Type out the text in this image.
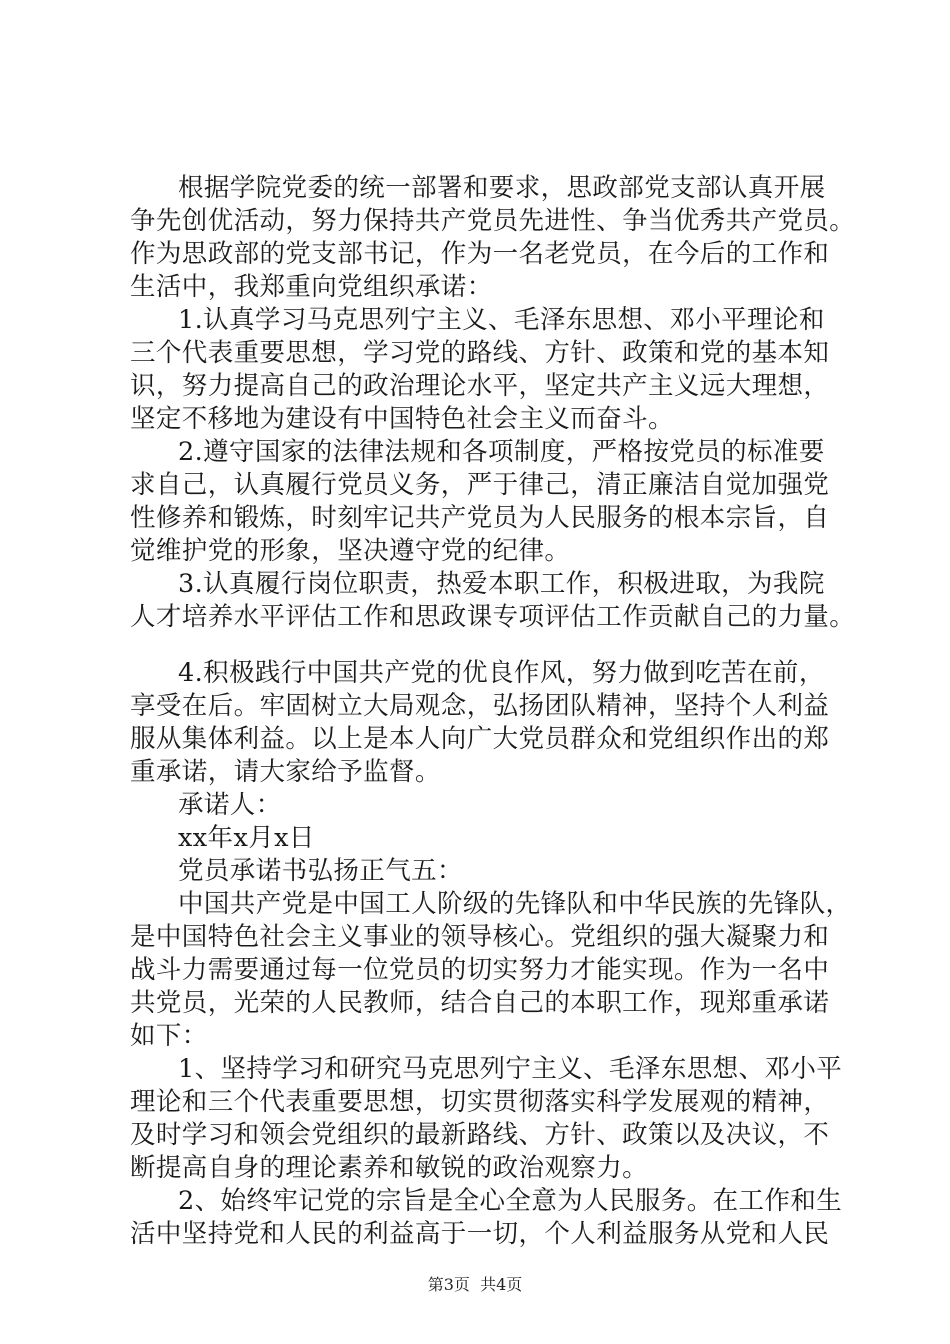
根据学院党委的统一部署和要求，思政部党支部认真开展
争先创优活动，努力保持共产党员先进性、争当优秀共产党员。
作为思政部的党支部书记，作为一名老党员，在今后的工作和
生活中，我郑重向党组织承诺：
1.认真学习马克思列宁主义、毛泽东思想、邓小平理论和
三个代表重要思想，学习党的路线、方针、政策和党的基本知
识，努力提高自己的政治理论水平，坚定共产主义远大理想，
坚定不移地为建设有中国特色社会主义而奋斗。
2.遵守国家的法律法规和各项制度，严格按党员的标准要
求自己，认真履行党员义务，严于律己，清正廉洁自觉加强党
性修养和锻炼，时刻牢记共产党员为人民服务的根本宗旨，自
觉维护党的形象，坚决遵守党的纪律。
3.认真履行岗位职责，热爱本职工作，积极进取，为我院
人才培养水平评估工作和思政课专项评估工作贡献自己的力量。
4.积极践行中国共产党的优良作风，努力做到吃苦在前，
享受在后。牢固树立大局观念，弘扬团队精神，坚持个人利益
服从集体利益。以上是本人向广大党员群众和党组织作出的郑
重承诺，请大家给予监督。
承诺人：
xx年x月x日
党员承诺书弘扬正气五：
中国共产党是中国工人阶级的先锋队和中华民族的先锋队，
是中国特色社会主义事业的领导核心。党组织的强大凝聚力和
战斗力需要通过每一位党员的切实努力才能实现。作为一名中
共党员，光荣的人民教师，结合自己的本职工作，现郑重承诺
如下：
1、坚持学习和研究马克思列宁主义、毛泽东思想、邓小平
理论和三个代表重要思想，切实贯彻落实科学发展观的精神，
及时学习和领会党组织的最新路线、方针、政策以及决议，不
断提高自身的理论素养和敏锐的政治观察力。
2、始终牢记党的宗旨是全心全意为人民服务。在工作和生
活中坚持党和人民的利益高于一切，个人利益服务从党和人民
第3页  共4页
